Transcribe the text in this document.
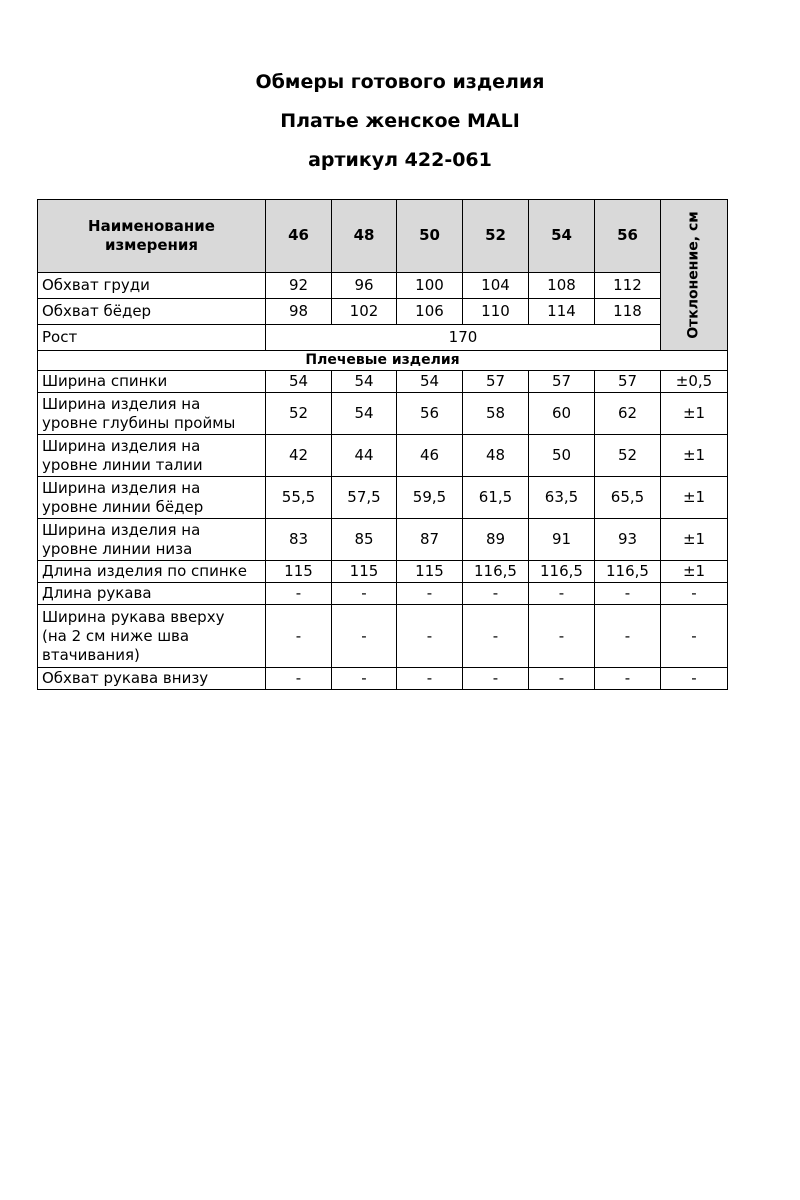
Обмеры готового изделия
Платье женское MALI
артикул 422-061
Наименование измерения	46	48	50	52	54	56	Отклонение, см

Обхват груди	92	96	100	104	108	112	
Обхват бёдер	98	102	106	110	114	118	
Рост	170						
Плечевые изделия							

Ширина спинки	54	54	54	57	57	57	±0,5

Ширина изделия на
уровне глубины проймы	52	54	56	58	60	62	±1

Ширина изделия на
уровне линии талии	42	44	46	48	50	52	±1

Ширина изделия на
уровне линии бёдер	55,5	57,5	59,5	61,5	63,5	65,5	±1

Ширина изделия на
уровне линии низа	83	85	87	89	91	93	±1

Длина изделия по спинке	115	115	115	116,5	116,5	116,5	±1

Длина рукава	-	-	-	-	-	-	-

Ширина рукава вверху
(на 2 см ниже шва
втачивания)	-	-	-	-	-	-	-

Обхват рукава внизу	-	-	-	-	-	-	-
